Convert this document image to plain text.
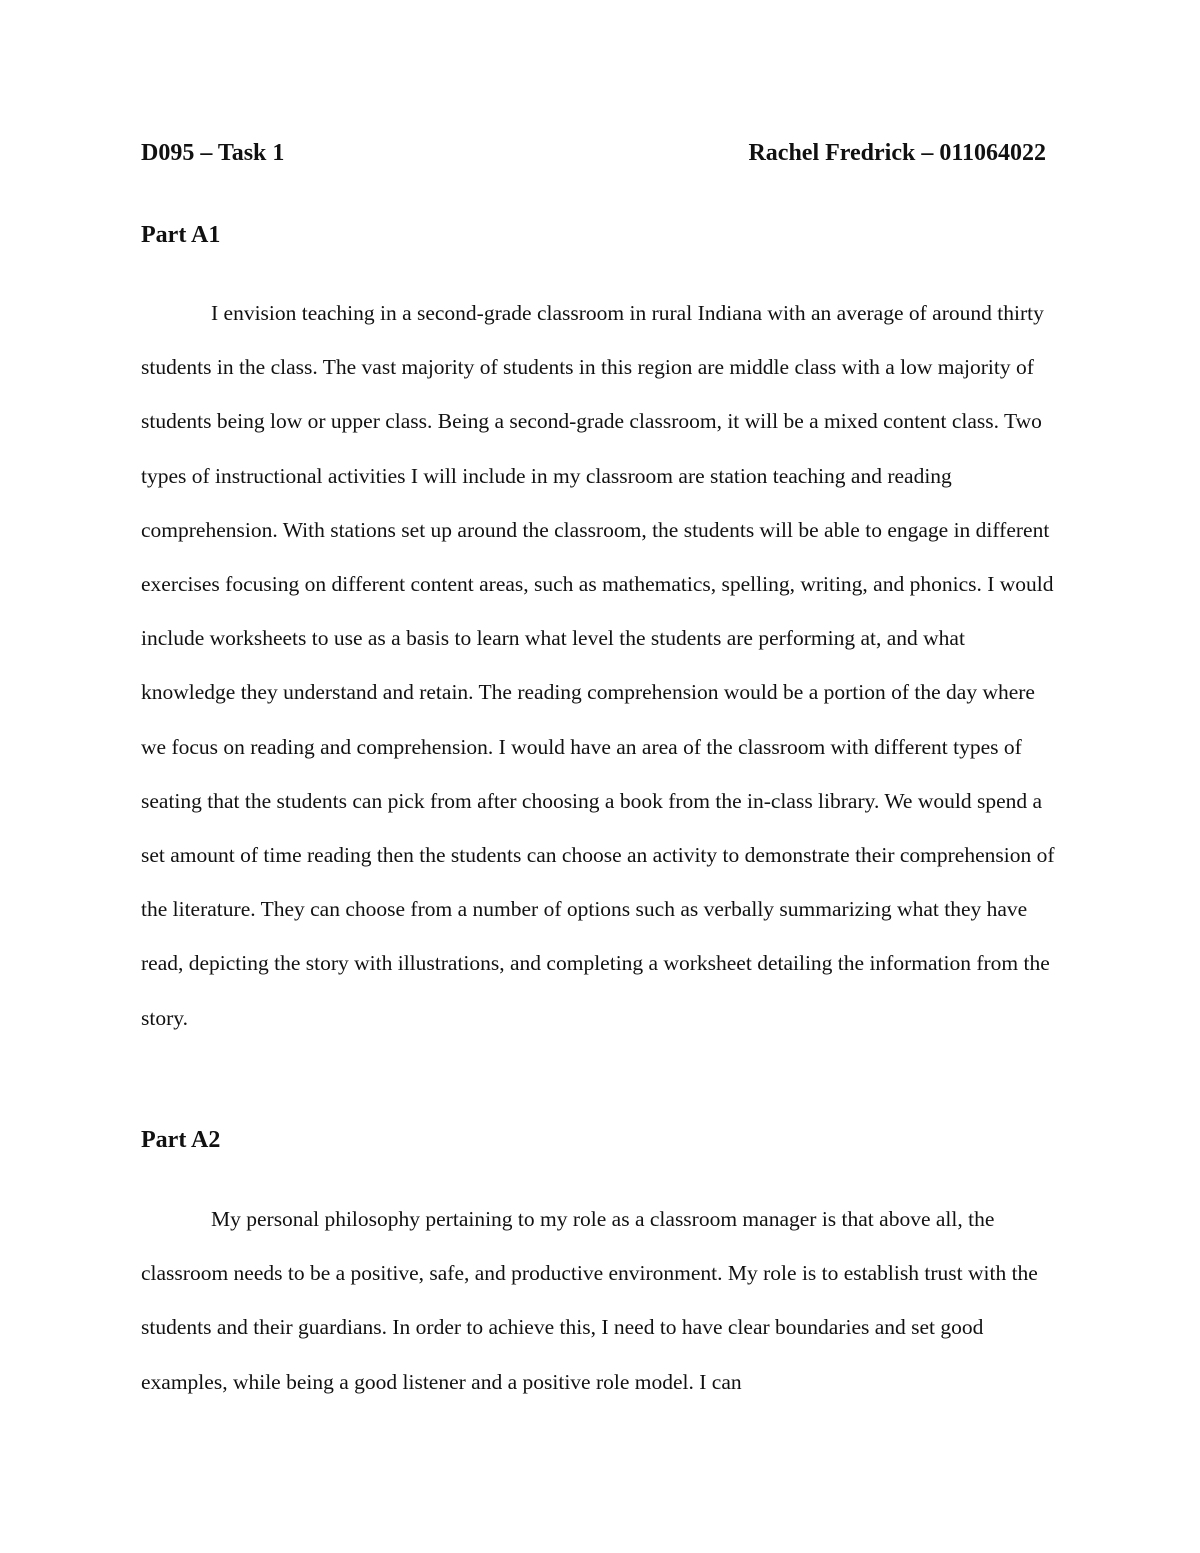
D095 – Task 1	Rachel Fredrick – 011064022
Part A1

I envision teaching in a second-grade classroom in rural Indiana with an average of around thirty students in the class. The vast majority of students in this region are middle class with a low majority of students being low or upper class. Being a second-grade classroom, it will be a mixed content class. Two types of instructional activities I will include in my classroom are station teaching and reading comprehension. With stations set up around the classroom, the students will be able to engage in different exercises focusing on different content areas, such as mathematics, spelling, writing, and phonics. I would include worksheets to use as a basis to learn what level the students are performing at, and what knowledge they understand and retain. The reading comprehension would be a portion of the day where we focus on reading and comprehension. I would have an area of the classroom with different types of seating that the students can pick from after choosing a book from the in-class library. We would spend a set amount of time reading then the students can choose an activity to demonstrate their comprehension of the literature. They can choose from a number of options such as verbally summarizing what they have read, depicting the story with illustrations, and completing a worksheet detailing the information from the story.

Part A2

My personal philosophy pertaining to my role as a classroom manager is that above all, the classroom needs to be a positive, safe, and productive environment. My role is to establish trust with the students and their guardians. In order to achieve this, I need to have clear boundaries and set good examples, while being a good listener and a positive role model. I can
